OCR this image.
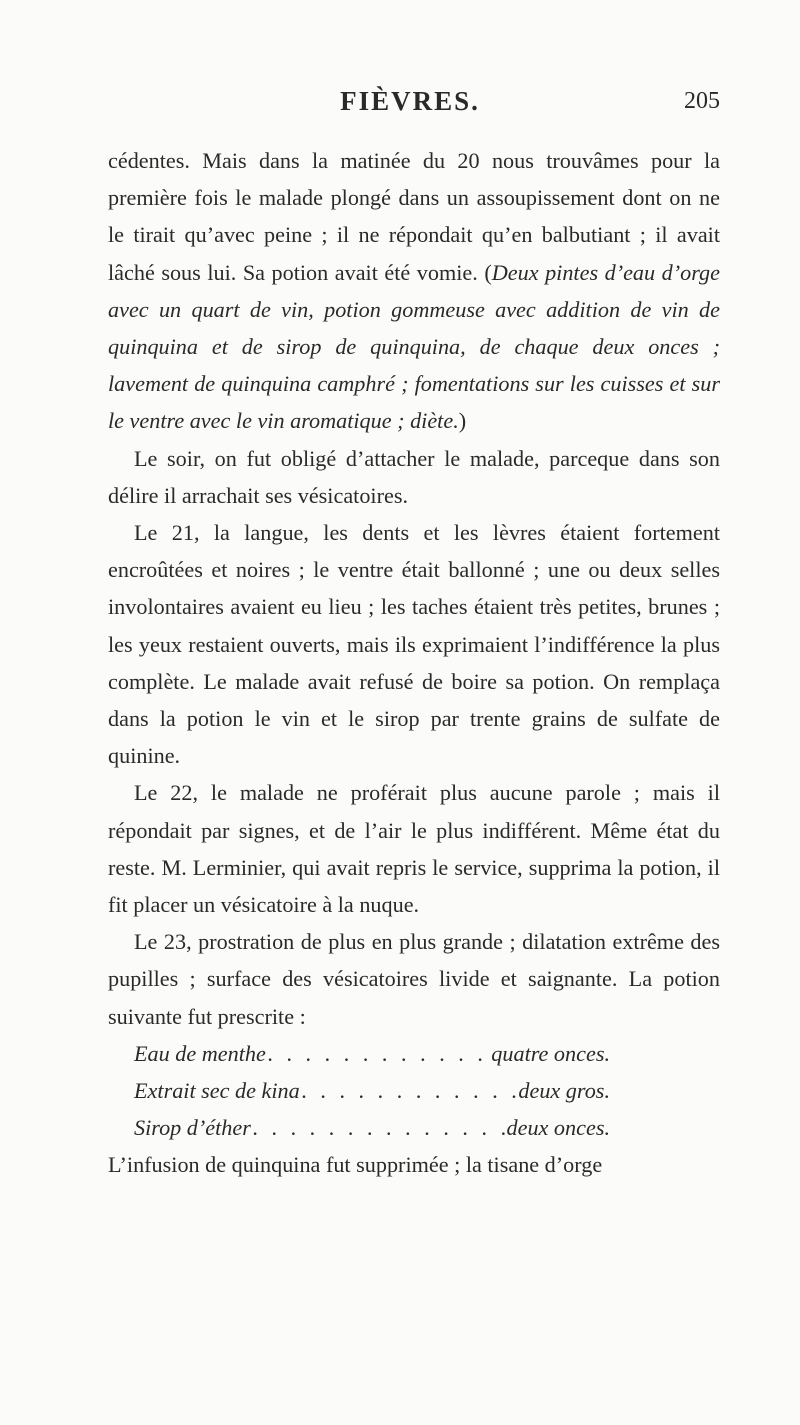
FIÈVRES.	205

cédentes. Mais dans la matinée du 20 nous trouvâmes pour la première fois le malade plongé dans un assoupissement dont on ne le tirait qu’avec peine ; il ne répondait qu’en balbutiant ; il avait lâché sous lui. Sa potion avait été vomie. (Deux pintes d’eau d’orge avec un quart de vin, potion gommeuse avec addition de vin de quinquina et de sirop de quinquina, de chaque deux onces ; lavement de quinquina camphré ; fomentations sur les cuisses et sur le ventre avec le vin aromatique ; diète.)

Le soir, on fut obligé d’attacher le malade, parceque dans son délire il arrachait ses vésicatoires.

Le 21, la langue, les dents et les lèvres étaient fortement encroûtées et noires ; le ventre était ballonné ; une ou deux selles involontaires avaient eu lieu ; les taches étaient très petites, brunes ; les yeux restaient ouverts, mais ils exprimaient l’indifférence la plus complète. Le malade avait refusé de boire sa potion. On remplaça dans la potion le vin et le sirop par trente grains de sulfate de quinine.

Le 22, le malade ne proférait plus aucune parole ; mais il répondait par signes, et de l’air le plus indifférent. Même état du reste. M. Lerminier, qui avait repris le service, supprima la potion, il fit placer un vésicatoire à la nuque.

Le 23, prostration de plus en plus grande ; dilatation extrême des pupilles ; surface des vésicatoires livide et saignante. La potion suivante fut prescrite :

Eau de menthe . . .	quatre onces.
Extrait sec de kina . . .	deux gros.
Sirop d’éther . . .	deux onces.

L’infusion de quinquina fut supprimée ; la tisane d’orge
